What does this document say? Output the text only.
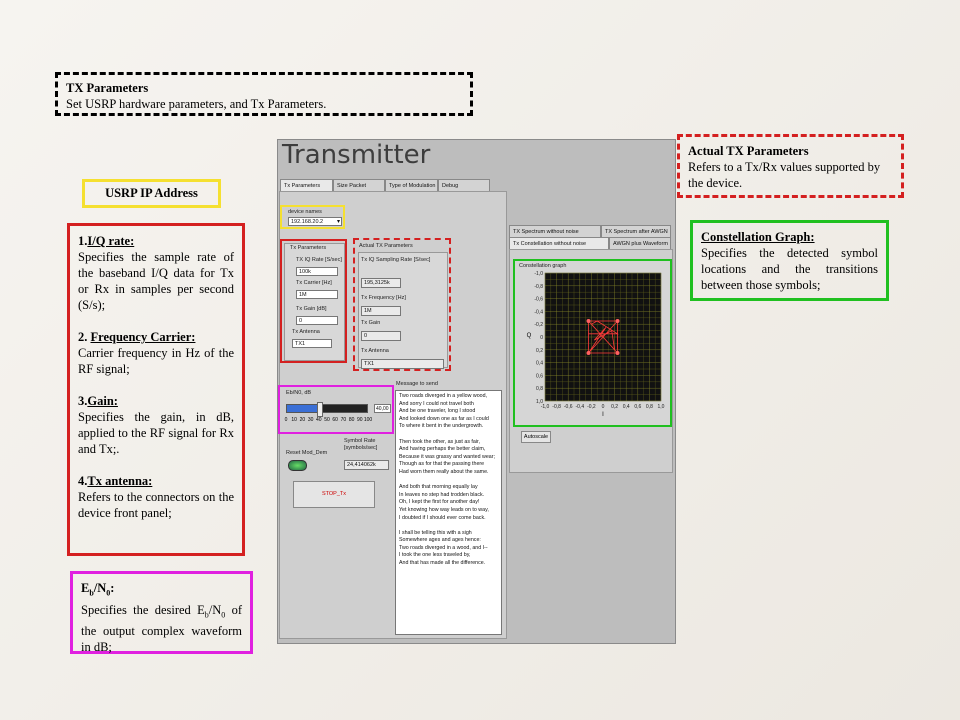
TX Parameters
Set USRP hardware parameters, and Tx Parameters.
USRP IP Address
1.I/Q rate:
Specifies the sample rate of the baseband I/Q data for Tx or Rx in samples per second (S/s);
2. Frequency Carrier:
Carrier frequency in Hz of the RF signal;
3.Gain:
Specifies the gain, in dB, applied to the RF signal for Rx and Tx;.
4.Tx antenna:
Refers to the connectors on the device front panel;
$E_b/N_0$:
Specifies the desired $E_b/N_0$ of the output complex waveform in dB;
Actual TX Parameters
Refers to a Tx/Rx values supported by the device.
Constellation Graph:
Specifies the detected symbol locations and the transitions between those symbols;
Transmitter
Tx Parameters	Size Packet	Type of Modulation	Debug
device names
192.168.20.2 ▾
Tx Parameters
TX IQ Rate [S/sec]
100k
Tx Carrier [Hz]
1M
Tx Gain [dB]
0
Tx Antenna
TX1
Actual TX Parameters
Tx IQ Sampling Rate [S/sec]
195,3125k
Tx Frequency [Hz]
1M
Tx Gain
0
Tx Antenna
TX1
Eb/N0, dB
40,00
0 10 20 30 40 50 60 70 80 90 100
Reset Mod_Dem
Symbol Rate [symbols/sec]
24,414062k
STOP_Tx
Message to send
Two roads diverged in a yellow wood,
And sorry I could not travel both
And be one traveler, long I stood
And looked down one as far as I could
To where it bent in the undergrowth.

Then took the other, as just as fair,
And having perhaps the better claim,
Because it was grassy and wanted wear;
Though as for that the passing there
Had worn them really about the same.

And both that morning equally lay
In leaves no step had trodden black.
Oh, I kept the first for another day!
Yet knowing how way leads on to way,
I doubted if I should ever come back.

I shall be telling this with a sigh
Somewhere ages and ages hence:
Two roads diverged in a wood, and I--
I took the one less traveled by,
And that has made all the difference.
TX Spectrum without noise	TX Spectrum after AWGN
Tx Constellation without noise	AWGN plus Waveform
Constellation graph
-1,0
-0,8
-0,6
-0,4
-0,2
0
0,2
0,4
0,6
0,8
1,0
-1,0 -0,8 -0,6 -0,4 -0,2 0 0,2 0,4 0,6 0,8 1,0
Q
I
Autoscale
